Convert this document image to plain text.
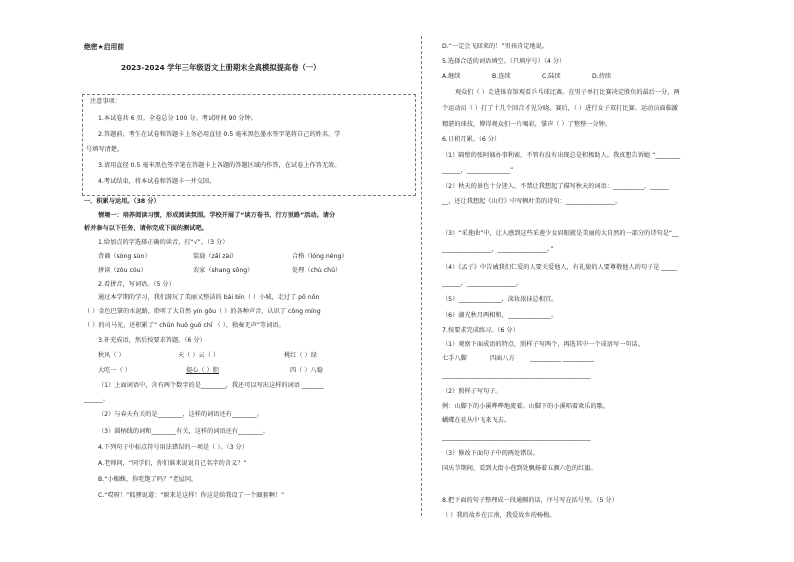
绝密★启用前
2023-2024 学年三年级语文上册期末全真模拟提高卷（一）
注意事项：
1.本试卷共 6 页。全卷总分 100 分。考试时间 90 分钟。
2.答题前，考生在试卷和答题卡上务必用直径 0.5 毫米黑色墨水签字笔将自己的姓名、学
号填写清楚。
3.请用直径 0.5 毫米黑色签字笔在答题卡上各题的答题区域内作答，在试卷上作答无效。
4.考试结束，将本试卷和答题卡一并交回。
一、积累与运用。（38 分）
情境一：培养阅读习惯，形成阅读氛围。学校开展了“读万卷书，行万里路”活动。请分
析并参与以下任务，请你完成下面的测试吧。
1.给加点的字选择正确的读音，打“√”。（3 分）
背诵（sòng sùn）	装载（zǎi zài）	合格（lóng néng）
拼读（zòu cóu）	农家（shang sōng）	处理（chù chǔ）
2.看拼音，写词语。（5 分）
通过本学期的学习，我们游玩了美丽又整洁的 bái bīn（ ）小城，走过了 pō nōn
（ ）金色巴掌的水泥路，聆听了大自然 yín gōu（ ）的各种声音，认识了 cōng míng
（ ）的司马光，还积累了“ chūn huō guō chī （ ）、独奏无声”等词语。
3.补充成语，然后按要求答题。（6 分）
秋风（ ）	天（ ）云（ ）	桃红（ ）绿
大吃一（ ）	提心（ ）胆	四（ ）八稳
（1）上面词语中，含有两个数字的是________，我还可以写出这样的词语 _______
______。
（2）与春天有关的是________，这样的词语还有________。
（3）圆柄线的词和________有关，这样的词语还有________。
4.下列句子中标点符号用法错误的一项是（ ）。（3 分）
A.老师问，“同学们，你们谁来说说自己名字的含义？”
B.“小蜘蛛，你吃饱了吗？”老屋问。
C.“哎呀！”狐狸说道：“原来是这样！你这是给我设了一个圈套啊！”
D.“一定会飞回来的！”男孩肯定地说。
5.选择合适的词语填空。（只填序号）（4 分）
A.继续	B.连续	C.陆续	D.持续
观众们（ ）走进体育馆观看乒乓球比赛。在男子单打比赛决定胜负的最后一分，两
个运动员（ ）打了十几个回合才见分晓。赛后，（ ）进行女子双打比赛。运动员面临激
精湛的球技，博得观众们一片喝彩，掌声（ ）了整整一分钟。
6.日积月累。（6 分）
（1）隔壁的张阿姨办事利索，不管有没有出现总是积极助人。我真想告诉她 “________
______，______________”
（2）秋天的景色十分迷人，不禁让我想起了描写秋天的词语：__________，______
__，还让我想起《山行》中写枫叶美的诗句：________________。
（3）“采莲曲”中，让人感到这些采莲少女眉眼就是美丽的大自然的一部分的诗句是“__
________________，________________。”
（4）《孟子》中告诫我们仁爱的人要关爱他人，有礼貌的人要尊敬他人的句子是 _____
______，________________。
（5）______________，淡妆浓抹总相宜。
（6）湖光秋月两相和，______________。
7.按要求完成练习。（6 分）
（1）观察下面成语的特点，照样子写两个，再选其中一个成语写一句话。
七手八脚	四面八方 __________ __________
________________________________________________
（2）照样子写句子。
例：山脚下的小溪哗哗地流着。山脚下的小溪唱着欢乐的歌。
蝴蝶在花丛中飞来飞去。
________________________________________________
（3）修改下面句子中的两处错误。
国庆节期间，看到大街小巷到处飘扬着五颜六色的红旗。
8.把下面的句子整理成一段通顺的话，序号写在括号里。（5 分）
（ ）我的故乡在江南，我爱故乡的杨梅。
